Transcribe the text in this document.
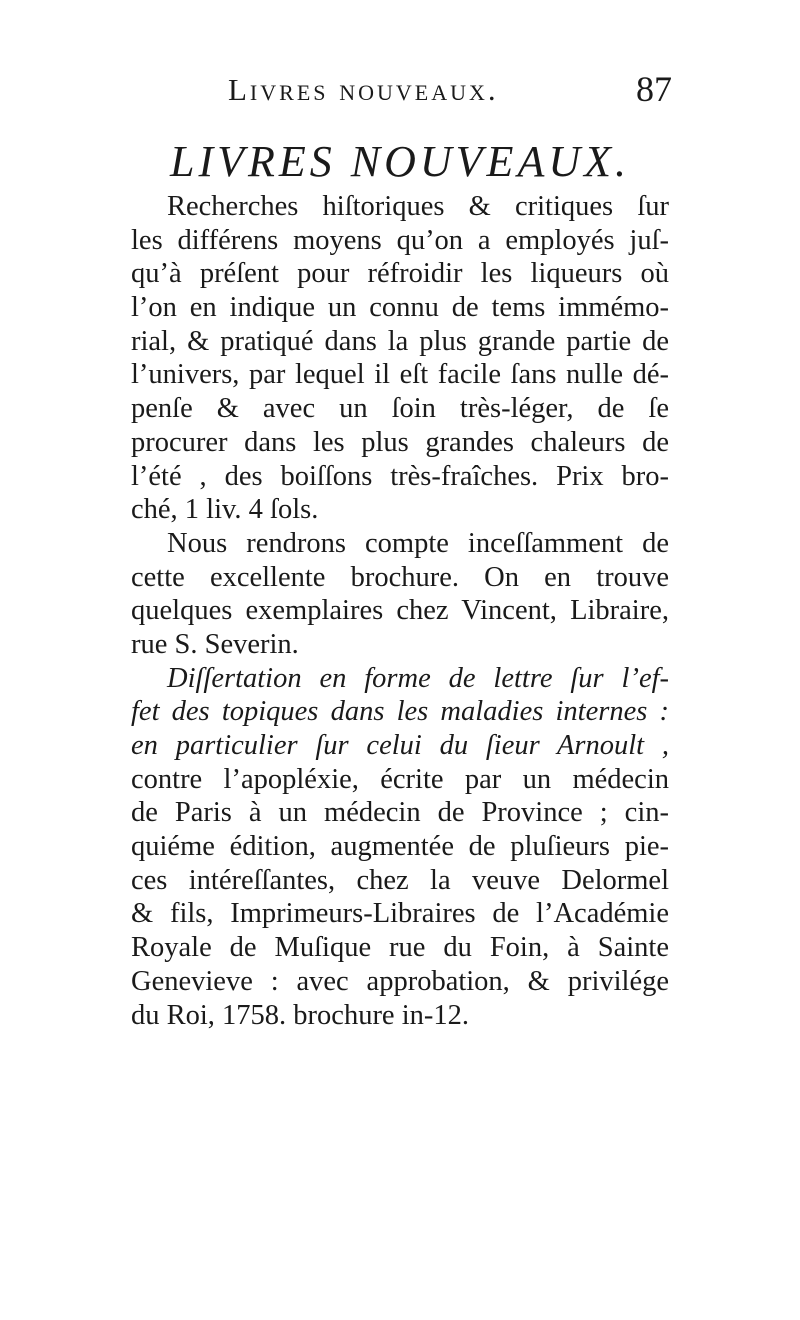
Livres nouveaux.	87
LIVRES NOUVEAUX.
Recherches hiſtoriques & critiques ſur
les différens moyens qu’on a employés juſ-
qu’à préſent pour réfroidir les liqueurs où
l’on en indique un connu de tems immémo-
rial, & pratiqué dans la plus grande partie de
l’univers, par lequel il eſt facile ſans nulle dé-
penſe & avec un ſoin très-léger, de ſe
procurer dans les plus grandes chaleurs de
l’été , des boiſſons très-fraîches. Prix bro-
ché, 1 liv. 4 ſols.
Nous rendrons compte inceſſamment de
cette excellente brochure. On en trouve
quelques exemplaires chez Vincent, Libraire,
rue S. Severin.
Diſſertation en forme de lettre ſur l’ef-
fet des topiques dans les maladies internes :
en particulier ſur celui du ſieur Arnoult ,
contre l’apopléxie, écrite par un médecin
de Paris à un médecin de Province ; cin-
quiéme édition, augmentée de pluſieurs pie-
ces intéreſſantes, chez la veuve Delormel
& fils, Imprimeurs-Libraires de l’Académie
Royale de Muſique rue du Foin, à Sainte
Genevieve : avec approbation, & privilége
du Roi, 1758. brochure in-12.
